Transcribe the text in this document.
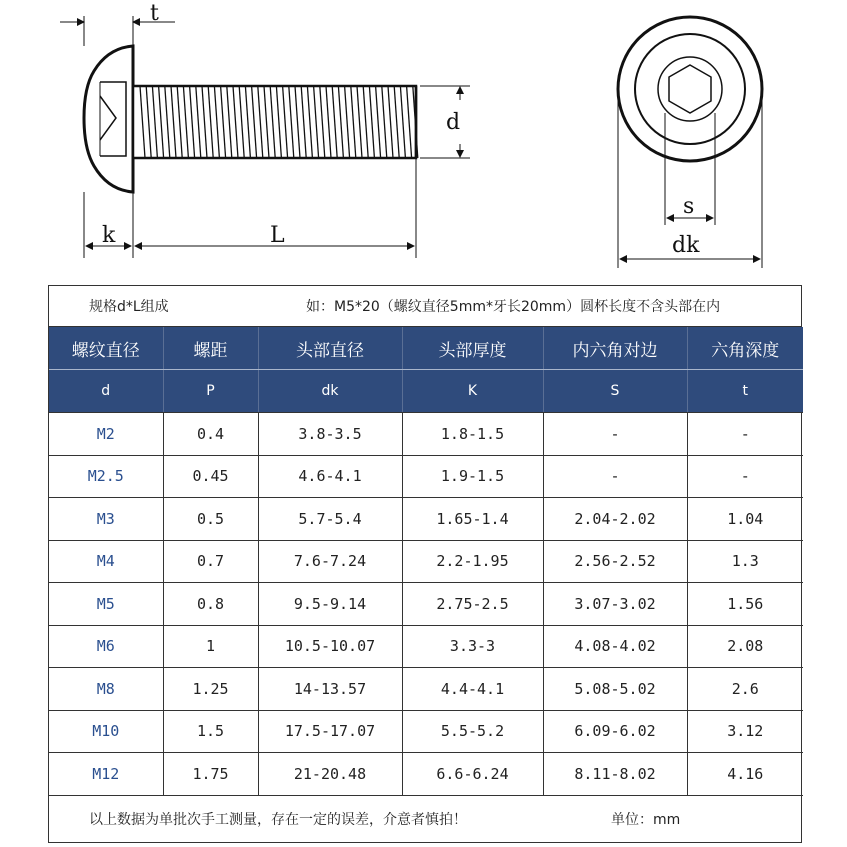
t
d
k	L
s
dk
规格d*L组成	如：M5*20（螺纹直径5mm*牙长20mm）圆杯长度不含头部在内
螺纹直径	螺距	头部直径	头部厚度	内六角对边	六角深度
d	P	dk	K	S	t
M2	0.4	3.8-3.5	1.8-1.5	-	-
M2.5	0.45	4.6-4.1	1.9-1.5	-	-
M3	0.5	5.7-5.4	1.65-1.4	2.04-2.02	1.04
M4	0.7	7.6-7.24	2.2-1.95	2.56-2.52	1.3
M5	0.8	9.5-9.14	2.75-2.5	3.07-3.02	1.56
M6	1	10.5-10.07	3.3-3	4.08-4.02	2.08
M8	1.25	14-13.57	4.4-4.1	5.08-5.02	2.6
M10	1.5	17.5-17.07	5.5-5.2	6.09-6.02	3.12
M12	1.75	21-20.48	6.6-6.24	8.11-8.02	4.16
以上数据为单批次手工测量，存在一定的误差，介意者慎拍！	单位：mm
